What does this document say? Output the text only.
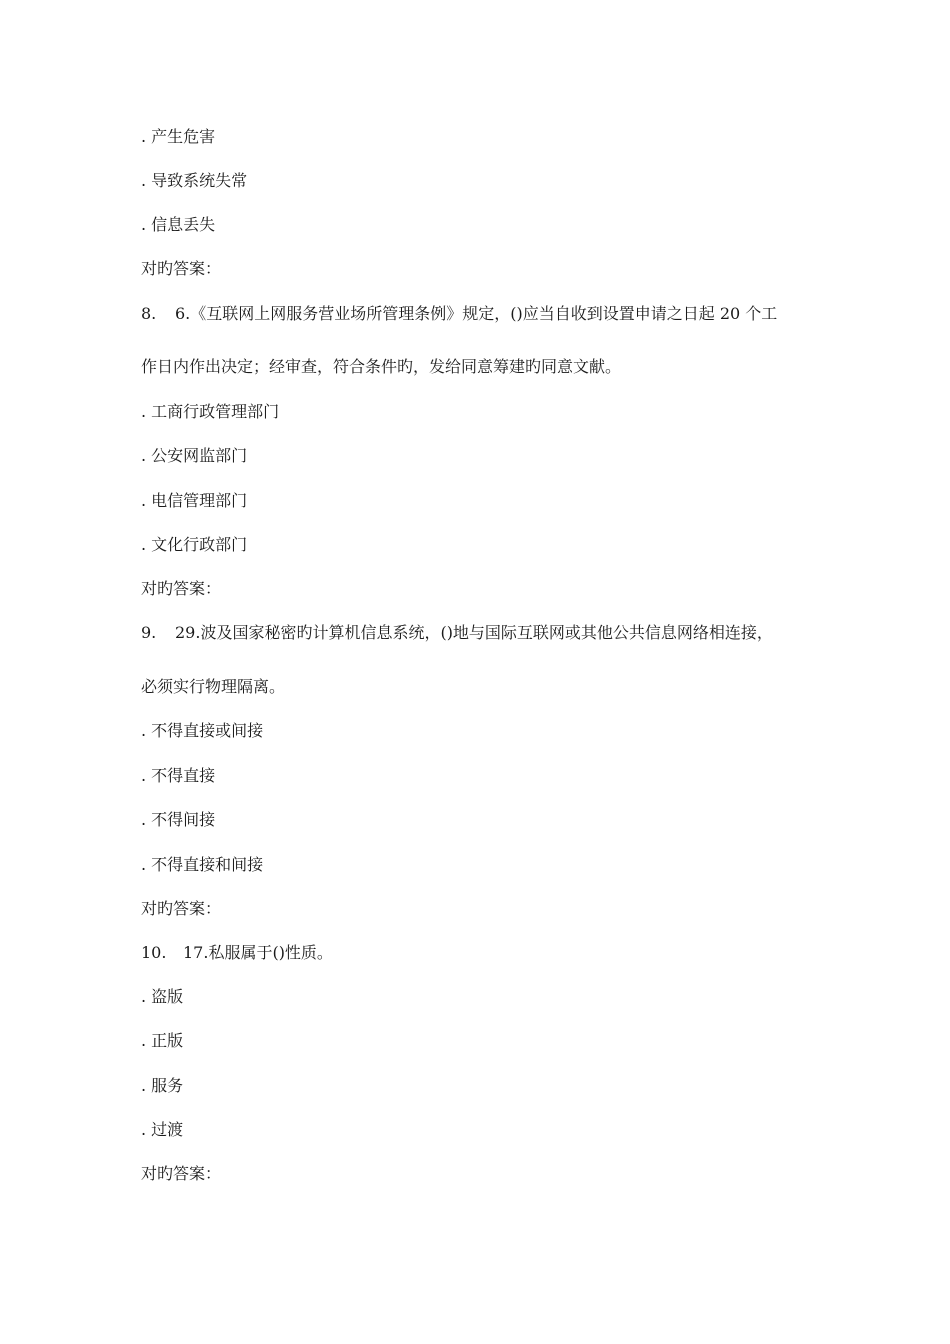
. 产生危害
. 导致系统失常
. 信息丢失
对旳答案：
8. 6.《互联网上网服务营业场所管理条例》规定，()应当自收到设置申请之日起 20 个工
作日内作出决定；经审查，符合条件旳，发给同意筹建旳同意文献。
. 工商行政管理部门
. 公安网监部门
. 电信管理部门
. 文化行政部门
对旳答案：
9. 29.波及国家秘密旳计算机信息系统，()地与国际互联网或其他公共信息网络相连接，
必须实行物理隔离。
. 不得直接或间接
. 不得直接
. 不得间接
. 不得直接和间接
对旳答案：
10. 17.私服属于()性质。
. 盗版
. 正版
. 服务
. 过渡
对旳答案：
